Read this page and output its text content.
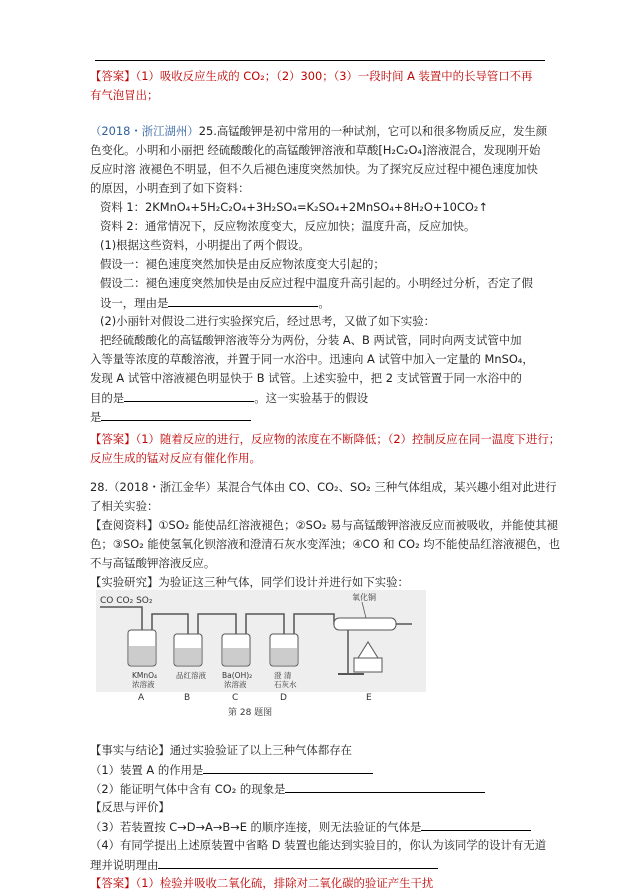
【答案】（1）吸收反应生成的 CO₂；（2）300；（3）一段时间 A 装置中的长导管口不再
有气泡冒出；
（2018・浙江湖州）25.高锰酸钾是初中常用的一种试剂，它可以和很多物质反应，发生颜
色变化。小明和小丽把 经硫酸酸化的高锰酸钾溶液和草酸[H₂C₂O₄]溶液混合，发现刚开始
反应时溶 液褪色不明显，但不久后褪色速度突然加快。为了探究反应过程中褪色速度加快
的原因，小明查到了如下资料：
资料 1：2KMnO₄+5H₂C₂O₄+3H₂SO₄=K₂SO₄+2MnSO₄+8H₂O+10CO₂↑
资料 2：通常情况下，反应物浓度变大，反应加快；温度升高，反应加快。
(1)根据这些资料，小明提出了两个假设。
假设一：褪色速度突然加快是由反应物浓度变大引起的；
假设二：褪色速度突然加快是由反应过程中温度升高引起的。小明经过分析，否定了假
设一，理由是	。
(2)小丽针对假设二进行实验探究后，经过思考，又做了如下实验：
把经硫酸酸化的高锰酸钾溶液等分为两份，分装 A、B 两试管，同时向两支试管中加
入等量等浓度的草酸溶液，并置于同一水浴中。迅速向 A 试管中加入一定量的 MnSO₄，
发现 A 试管中溶液褪色明显快于 B 试管。上述实验中，把 2 支试管置于同一水浴中的
目的是	。这一实验基于的假设
是
【答案】（1）随着反应的进行，反应物的浓度在不断降低；（2）控制反应在同一温度下进行；
反应生成的锰对反应有催化作用。
28.（2018・浙江金华）某混合气体由 CO、CO₂、SO₂ 三种气体组成，某兴趣小组对此进行
了相关实验：
【查阅资料】①SO₂ 能使品红溶液褪色；②SO₂ 易与高锰酸钾溶液反应而被吸收，并能使其褪
色；③SO₂ 能使氢氧化钡溶液和澄清石灰水变浑浊；④CO 和 CO₂ 均不能使品红溶液褪色，也
不与高锰酸钾溶液反应。
【实验研究】为验证这三种气体，同学们设计并进行如下实验：
CO CO₂ SO₂	氧化铜
KMnO₄
浓溶液
品红溶液 Ba(OH)₂
浓溶液
澄 清
石灰水
A	B	C	D	E
第 28 题图
【事实与结论】通过实验验证了以上三种气体都存在
（1）装置 A 的作用是
（2）能证明气体中含有 CO₂ 的现象是
【反思与评价】
（3）若装置按 C→D→A→B→E 的顺序连接，则无法验证的气体是
（4）有同学提出上述原装置中省略 D 装置也能达到实验目的，你认为该同学的设计有无道
理并说明理由
【答案】（1）检验并吸收二氧化硫，排除对二氧化碳的验证产生干扰
